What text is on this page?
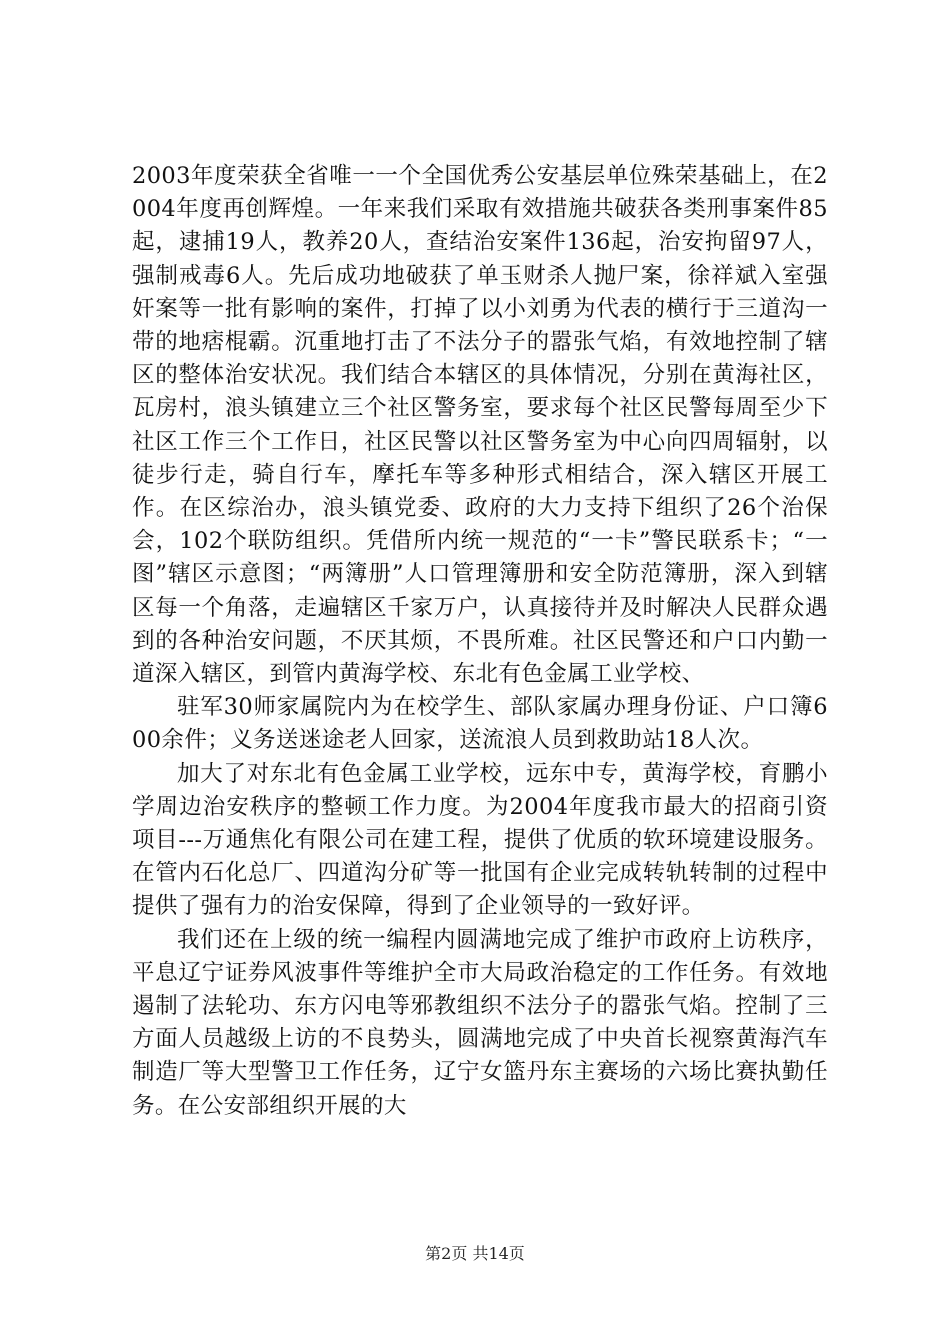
2003年度荣获全省唯一一个全国优秀公安基层单位殊荣基础上，在2004年度再创辉煌。一年来我们采取有效措施共破获各类刑事案件85起，逮捕19人，教养20人，查结治安案件136起，治安拘留97人，强制戒毒6人。先后成功地破获了单玉财杀人抛尸案，徐祥斌入室强奸案等一批有影响的案件，打掉了以小刘勇为代表的横行于三道沟一带的地痞棍霸。沉重地打击了不法分子的嚣张气焰，有效地控制了辖区的整体治安状况。我们结合本辖区的具体情况，分别在黄海社区，瓦房村，浪头镇建立三个社区警务室，要求每个社区民警每周至少下社区工作三个工作日，社区民警以社区警务室为中心向四周辐射，以徒步行走，骑自行车，摩托车等多种形式相结合，深入辖区开展工作。在区综治办，浪头镇党委、政府的大力支持下组织了26个治保会，102个联防组织。凭借所内统一规范的“一卡”警民联系卡；“一图”辖区示意图；“两簿册”人口管理簿册和安全防范簿册，深入到辖区每一个角落，走遍辖区千家万户，认真接待并及时解决人民群众遇到的各种治安问题，不厌其烦，不畏所难。社区民警还和户口内勤一道深入辖区，到管内黄海学校、东北有色金属工业学校、

驻军30师家属院内为在校学生、部队家属办理身份证、户口簿600余件；义务送迷途老人回家，送流浪人员到救助站18人次。

加大了对东北有色金属工业学校，远东中专，黄海学校，育鹏小学周边治安秩序的整顿工作力度。为2004年度我市最大的招商引资项目---万通焦化有限公司在建工程，提供了优质的软环境建设服务。在管内石化总厂、四道沟分矿等一批国有企业完成转轨转制的过程中提供了强有力的治安保障，得到了企业领导的一致好评。

我们还在上级的统一编程内圆满地完成了维护市政府上访秩序，平息辽宁证券风波事件等维护全市大局政治稳定的工作任务。有效地遏制了法轮功、东方闪电等邪教组织不法分子的嚣张气焰。控制了三方面人员越级上访的不良势头，圆满地完成了中央首长视察黄海汽车制造厂等大型警卫工作任务，辽宁女篮丹东主赛场的六场比赛执勤任务。在公安部组织开展的大

第2页 共14页
